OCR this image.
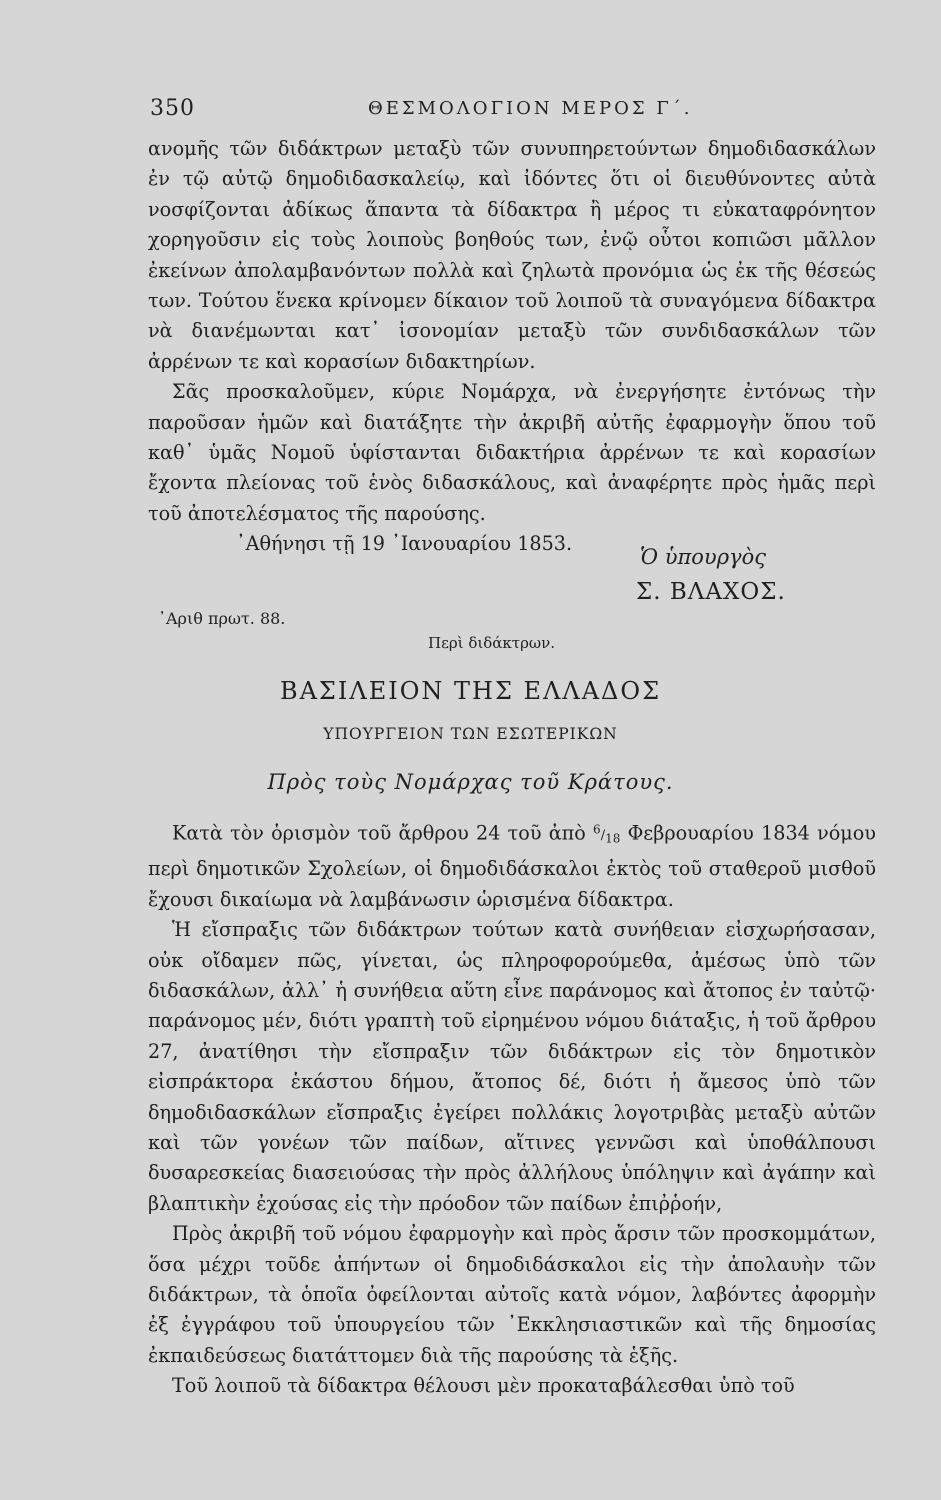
350	ΘΕΣΜΟΛΟΓΙΟΝ ΜΕΡΟΣ Γ΄.

ανομῆς τῶν διδάκτρων μεταξὺ τῶν συνυπηρετούντων δημοδιδασκάλων ἐν τῷ αὐτῷ δημοδιδασκαλείῳ, καὶ ἰδόντες ὅτι οἱ διευθύνοντες αὐτὰ νοσφίζονται ἀδίκως ἅπαντα τὰ δίδακτρα ἢ μέρος τι εὐκαταφρόνητον χορηγοῦσιν εἰς τοὺς λοιποὺς βοηθούς των, ἐνῷ οὗτοι κοπιῶσι μᾶλλον ἐκείνων ἀπολαμβανόντων πολλὰ καὶ ζηλωτὰ προνόμια ὡς ἐκ τῆς θέσεώς των. Τούτου ἕνεκα κρίνομεν δίκαιον τοῦ λοιποῦ τὰ συναγόμενα δίδακτρα νὰ διανέμωνται κατ᾽ ἰσονομίαν μεταξὺ τῶν συνδιδασκάλων τῶν ἀρρένων τε καὶ κορασίων διδακτηρίων.

Σᾶς προσκαλοῦμεν, κύριε Νομάρχα, νὰ ἐνεργήσητε ἐντόνως τὴν παροῦσαν ἡμῶν καὶ διατάξητε τὴν ἀκριβῆ αὐτῆς ἐφαρμογὴν ὅπου τοῦ καθ᾽ ὑμᾶς Νομοῦ ὑφίστανται διδακτήρια ἀρρένων τε καὶ κορασίων ἔχοντα πλείονας τοῦ ἑνὸς διδασκάλους, καὶ ἀναφέρητε πρὸς ἡμᾶς περὶ τοῦ ἀποτελέσματος τῆς παρούσης.

᾽Αθήνησι τῇ 19 ᾽Ιανουαρίου 1853.

Ὁ ὑπουργὸς
Σ. ΒΛΑΧΟΣ.
᾽Αριθ πρωτ. 88.
Περὶ διδάκτρων.
ΒΑΣΙΛΕΙΟΝ ΤΗΣ ΕΛΛΑΔΟΣ
ΥΠΟΥΡΓΕΙΟΝ ΤΩΝ ΕΣΩΤΕΡΙΚΩΝ
Πρὸς τοὺς Νομάρχας τοῦ Κράτους.

Κατὰ τὸν ὁρισμὸν τοῦ ἄρθρου 24 τοῦ ἀπὸ $^6/_{18}$ Φεβρουαρίου 1834 νόμου περὶ δημοτικῶν Σχολείων, οἱ δημοδιδάσκαλοι ἐκτὸς τοῦ σταθεροῦ μισθοῦ ἔχουσι δικαίωμα νὰ λαμβάνωσιν ὡρισμένα δίδακτρα.

Ἡ εἴσπραξις τῶν διδάκτρων τούτων κατὰ συνήθειαν εἰσχωρήσασαν, οὐκ οἴδαμεν πῶς, γίνεται, ὡς πληροφορούμεθα, ἀμέσως ὑπὸ τῶν διδασκάλων, ἀλλ᾽ ἡ συνήθεια αὕτη εἶνε παράνομος καὶ ἄτοπος ἐν ταὐτῷ· παράνομος μέν, διότι γραπτὴ τοῦ εἰρημένου νόμου διάταξις, ἡ τοῦ ἄρθρου 27, ἀνατίθησι τὴν εἴσπραξιν τῶν διδάκτρων εἰς τὸν δημοτικὸν εἰσπράκτορα ἑκάστου δήμου, ἄτοπος δέ, διότι ἡ ἄμεσος ὑπὸ τῶν δημοδιδασκάλων εἴσπραξις ἐγείρει πολλάκις λογοτριβὰς μεταξὺ αὐτῶν καὶ τῶν γονέων τῶν παίδων, αἵτινες γεννῶσι καὶ ὑποθάλπουσι δυσαρεσκείας διασειούσας τὴν πρὸς ἀλλήλους ὑπόληψιν καὶ ἀγάπην καὶ βλαπτικὴν ἐχούσας εἰς τὴν πρόοδον τῶν παίδων ἐπιῤῥοήν,

Πρὸς ἀκριβῆ τοῦ νόμου ἐφαρμογὴν καὶ πρὸς ἄρσιν τῶν προσκομμάτων, ὅσα μέχρι τοῦδε ἀπήντων οἱ δημοδιδάσκαλοι εἰς τὴν ἀπολαυὴν τῶν διδάκτρων, τὰ ὁποῖα ὀφείλονται αὐτοῖς κατὰ νόμον, λαβόντες ἀφορμὴν ἐξ ἐγγράφου τοῦ ὑπουργείου τῶν ᾽Εκκλησιαστικῶν καὶ τῆς δημοσίας ἐκπαιδεύσεως διατάττομεν διὰ τῆς παρούσης τὰ ἑξῆς.

Τοῦ λοιποῦ τὰ δίδακτρα θέλουσι μὲν προκαταβάλεσθαι ὑπὸ τοῦ
